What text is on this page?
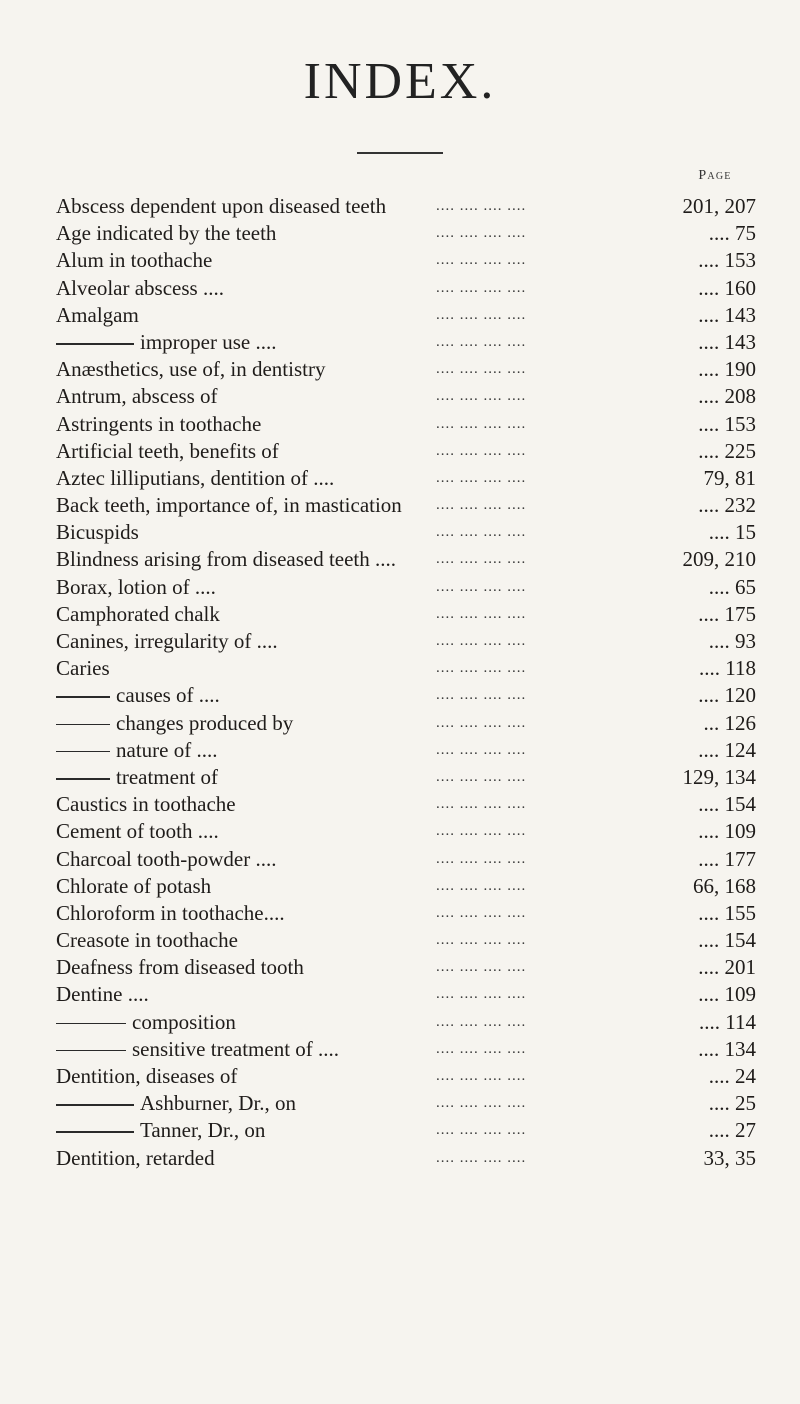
INDEX.
Page
Abscess dependent upon diseased teeth	.... .... .... ....	201, 207
Age indicated by the teeth	.... .... .... ....	.... 75
Alum in toothache	.... .... .... ....	.... 153
Alveolar abscess ....	.... .... .... ....	.... 160
Amalgam	.... .... .... ....	.... 143
improper use ....	.... .... .... ....	.... 143
Anæsthetics, use of, in dentistry	.... .... .... ....	.... 190
Antrum, abscess of	.... .... .... ....	.... 208
Astringents in toothache	.... .... .... ....	.... 153
Artificial teeth, benefits of	.... .... .... ....	.... 225
Aztec lilliputians, dentition of ....	.... .... .... ....	79, 81
Back teeth, importance of, in mastication .... .... .... ....	.... 232
Bicuspids	.... .... .... ....	.... 15
Blindness arising from diseased teeth ....	.... .... .... ....	209, 210
Borax, lotion of ....	.... .... .... ....	.... 65
Camphorated chalk	.... .... .... ....	.... 175
Canines, irregularity of ....	.... .... .... ....	.... 93
Caries	.... .... .... ....	.... 118
causes of ....	.... .... .... ....	.... 120
changes produced by	.... .... .... ....	... 126
nature of ....	.... .... .... ....	.... 124
treatment of	.... .... .... ....	129, 134
Caustics in toothache	.... .... .... ....	.... 154
Cement of tooth ....	.... .... .... ....	.... 109
Charcoal tooth-powder ....	.... .... .... ....	.... 177
Chlorate of potash	.... .... .... ....	66, 168
Chloroform in toothache....	.... .... .... ....	.... 155
Creasote in toothache	.... .... .... ....	.... 154
Deafness from diseased tooth	.... .... .... ....	.... 201
Dentine ....	.... .... .... ....	.... 109
composition	.... .... .... ....	.... 114
sensitive treatment of ....	.... .... .... ....	.... 134
Dentition, diseases of	.... .... .... ....	.... 24
Ashburner, Dr., on	.... .... .... ....	.... 25
Tanner, Dr., on	.... .... .... ....	.... 27
Dentition, retarded	.... .... .... ....	33, 35
